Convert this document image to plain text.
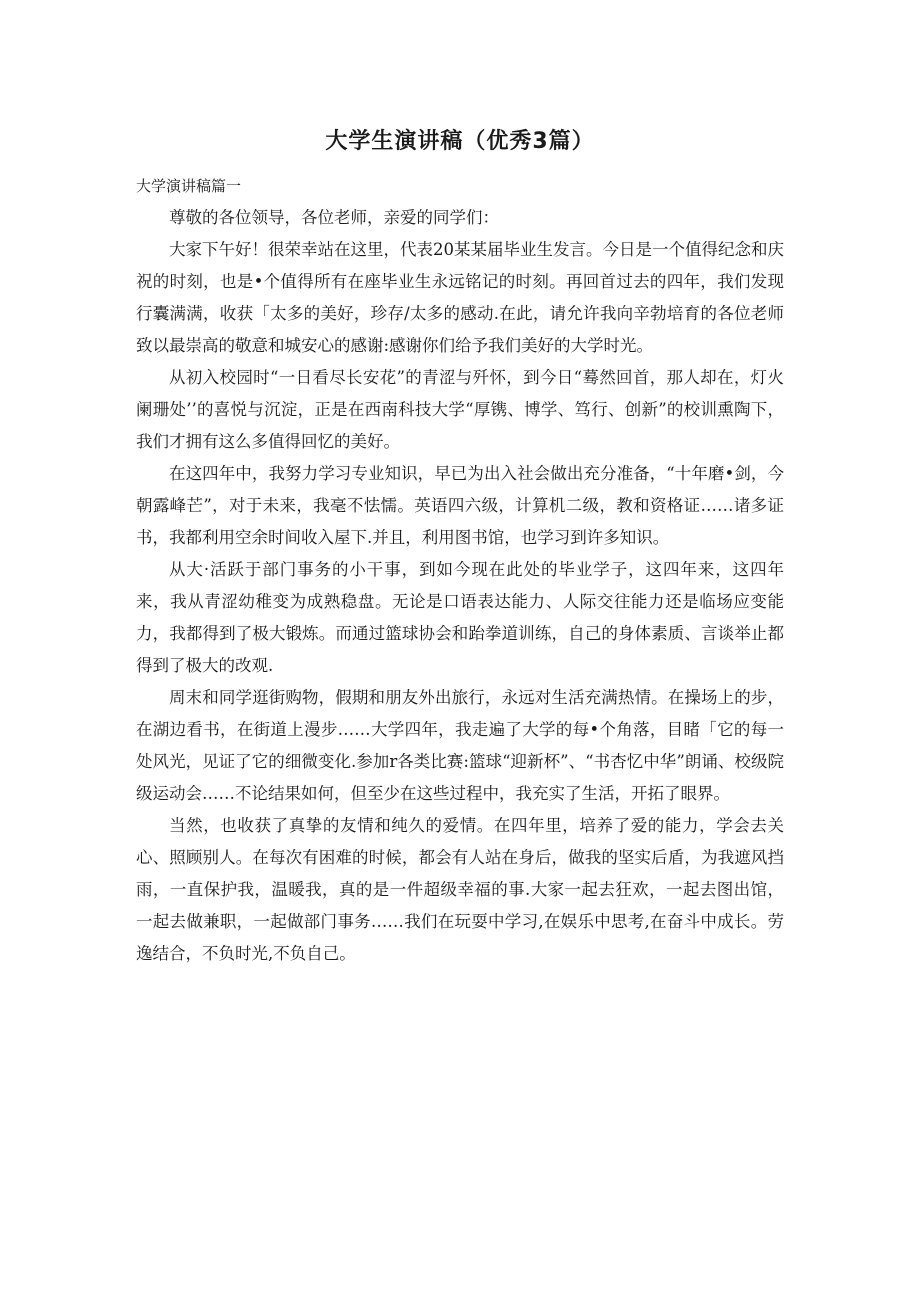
大学生演讲稿（优秀3篇）

大学演讲稿篇一

尊敬的各位领导，各位老师，亲爱的同学们：

大家下午好！很荣幸站在这里，代表20某某届毕业生发言。今日是一个值得纪念和庆祝的时刻，也是•个值得所有在座毕业生永远铭记的时刻。再回首过去的四年，我们发现行囊满满，收获「太多的美好，珍存/太多的感动.在此，请允许我向辛勃培育的各位老师致以最崇高的敬意和城安心的感谢:感谢你们给予我们美好的大学时光。

从初入校园时“一日看尽长安花”的青涩与歼怀，到今日“蓦然回首，那人却在，灯火阑珊处’’的喜悦与沉淀，正是在西南科技大学“厚镌、博学、笃行、创新”的校训熏陶下，我们才拥有这么多值得回忆的美好。

在这四年中，我努力学习专业知识，早已为出入社会做出充分准备，“十年磨•剑，今朝露峰芒”，对于未来，我毫不怯懦。英语四六级，计算机二级，教和资格证……诸多证书，我都利用空余时间收入屋下.并且，利用图书馆，也学习到许多知识。

从大·活跃于部门事务的小干事，到如今现在此处的毕业学子，这四年来，这四年来，我从青涩幼稚变为成熟稳盘。无论是口语表达能力、人际交往能力还是临场应变能力，我都得到了极大锻炼。而通过篮球协会和跆拳道训练，自己的身体素质、言谈举止都得到了极大的改观.

周末和同学逛街购物，假期和朋友外出旅行，永远对生活充满热情。在操场上的步，在湖边看书，在街道上漫步……大学四年，我走遍了大学的每•个角落，目睹「它的每一处风光，见证了它的细微变化.参加r各类比赛:篮球“迎新杯”、“书杏忆中华”朗诵、校级院级运动会……不论结果如何，但至少在这些过程中，我充实了生活，开拓了眼界。

当然，也收获了真挚的友情和纯久的爱情。在四年里，培养了爱的能力，学会去关心、照顾别人。在每次有困难的时候，都会有人站在身后，做我的坚实后盾，为我遮风挡雨，一直保护我，温暖我，真的是一件超级幸福的事.大家一起去狂欢，一起去图出馆，一起去做兼职，一起做部门事务……我们在玩耍中学习,在娱乐中思考,在奋斗中成长。劳逸结合，不负时光,不负自己。
